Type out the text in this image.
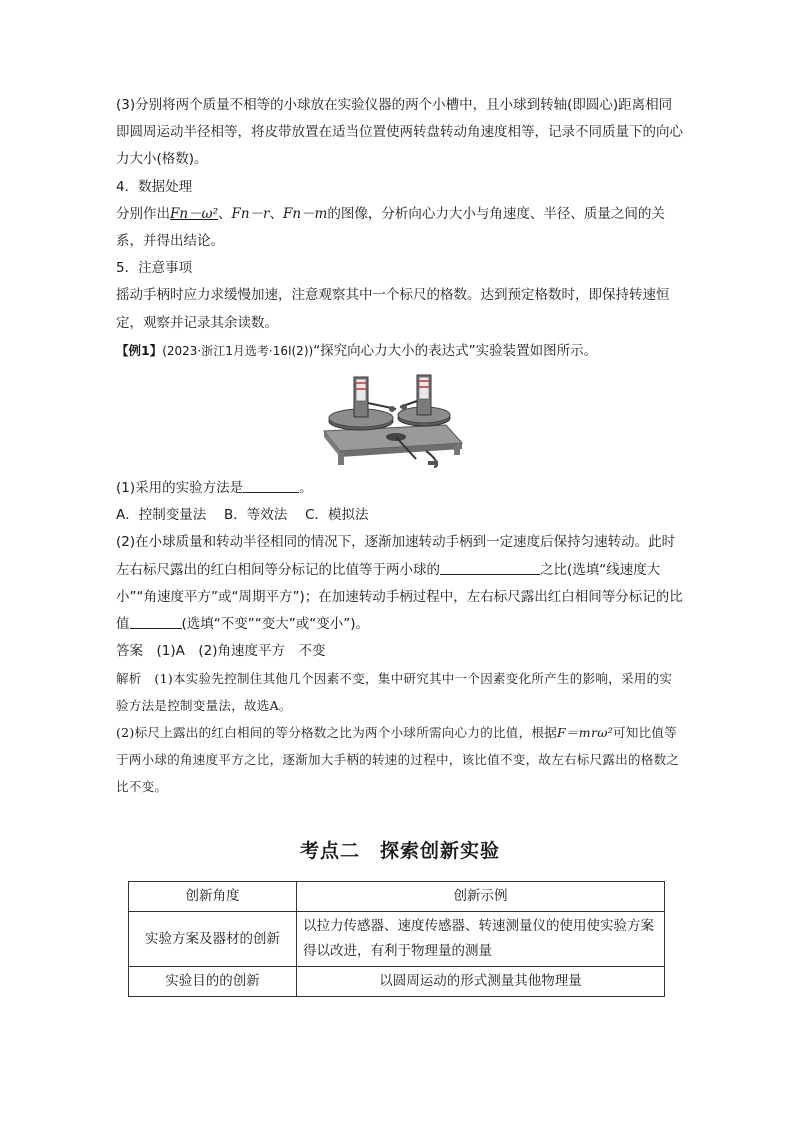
(3)分别将两个质量不相等的小球放在实验仪器的两个小槽中，且小球到转轴(即圆心)距离相同即圆周运动半径相等，将皮带放置在适当位置使两转盘转动角速度相等，记录不同质量下的向心力大小(格数)。

4．数据处理

分别作出Fn－ω²、Fn－r、Fn－m的图像，分析向心力大小与角速度、半径、质量之间的关系，并得出结论。

5．注意事项

摇动手柄时应力求缓慢加速，注意观察其中一个标尺的格数。达到预定格数时，即保持转速恒定，观察并记录其余读数。

【例1】(2023·浙江1月选考·16Ⅰ(2))“探究向心力大小的表达式”实验装置如图所示。

(1)采用的实验方法是	。

A．控制变量法　 B．等效法　 C．模拟法

(2)在小球质量和转动半径相同的情况下，逐渐加速转动手柄到一定速度后保持匀速转动。此时左右标尺露出的红白相间等分标记的比值等于两小球的	之比(选填“线速度大小”“角速度平方”或“周期平方”)；在加速转动手柄过程中，左右标尺露出红白相间等分标记的比值	(选填“不变”“变大”或“变小”)。

答案　(1)A　(2)角速度平方　不变

解析　(1)本实验先控制住其他几个因素不变，集中研究其中一个因素变化所产生的影响，采用的实验方法是控制变量法，故选A。

(2)标尺上露出的红白相间的等分格数之比为两个小球所需向心力的比值，根据F＝mrω²可知比值等于两小球的角速度平方之比，逐渐加大手柄的转速的过程中，该比值不变，故左右标尺露出的格数之比不变。

考点二　探索创新实验
创新角度	创新示例
实验方案及器材的创新	以拉力传感器、速度传感器、转速测量仪的使用使实验方案得以改进，有利于物理量的测量
实验目的的创新	以圆周运动的形式测量其他物理量
